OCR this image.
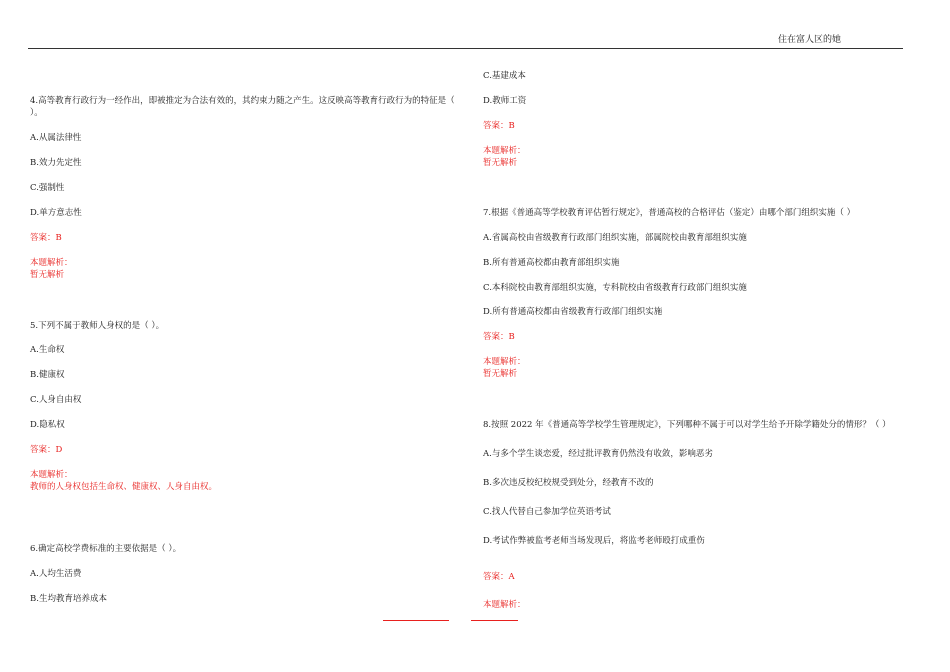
住在富人区的她
4.高等教育行政行为一经作出，即被推定为合法有效的，其约束力随之产生。这反映高等教育行政行为的特征是（ ）。
A.从属法律性
B.效力先定性
C.强制性
D.单方意志性
答案：B
本题解析：
暂无解析
5.下列不属于教师人身权的是（ ）。
A.生命权
B.健康权
C.人身自由权
D.隐私权
答案：D
本题解析：
教师的人身权包括生命权、健康权、人身自由权。
6.确定高校学费标准的主要依据是（ ）。
A.人均生活费
B.生均教育培养成本
C.基建成本
D.教师工资
答案：B
本题解析：
暂无解析
7.根据《普通高等学校教育评估暂行规定》，普通高校的合格评估（鉴定）由哪个部门组织实施（ ）
A.省属高校由省级教育行政部门组织实施，部属院校由教育部组织实施
B.所有普通高校都由教育部组织实施
C.本科院校由教育部组织实施，专科院校由省级教育行政部门组织实施
D.所有普通高校都由省级教育行政部门组织实施
答案：B
本题解析：
暂无解析
8.按照 2022 年《普通高等学校学生管理规定》，下列哪种不属于可以对学生给予开除学籍处分的情形？（ ）
A.与多个学生谈恋爱，经过批评教育仍然没有收敛，影响恶劣
B.多次违反校纪校规受到处分，经教育不改的
C.找人代替自己参加学位英语考试
D.考试作弊被监考老师当场发现后，将监考老师殴打成重伤
答案：A
本题解析：
